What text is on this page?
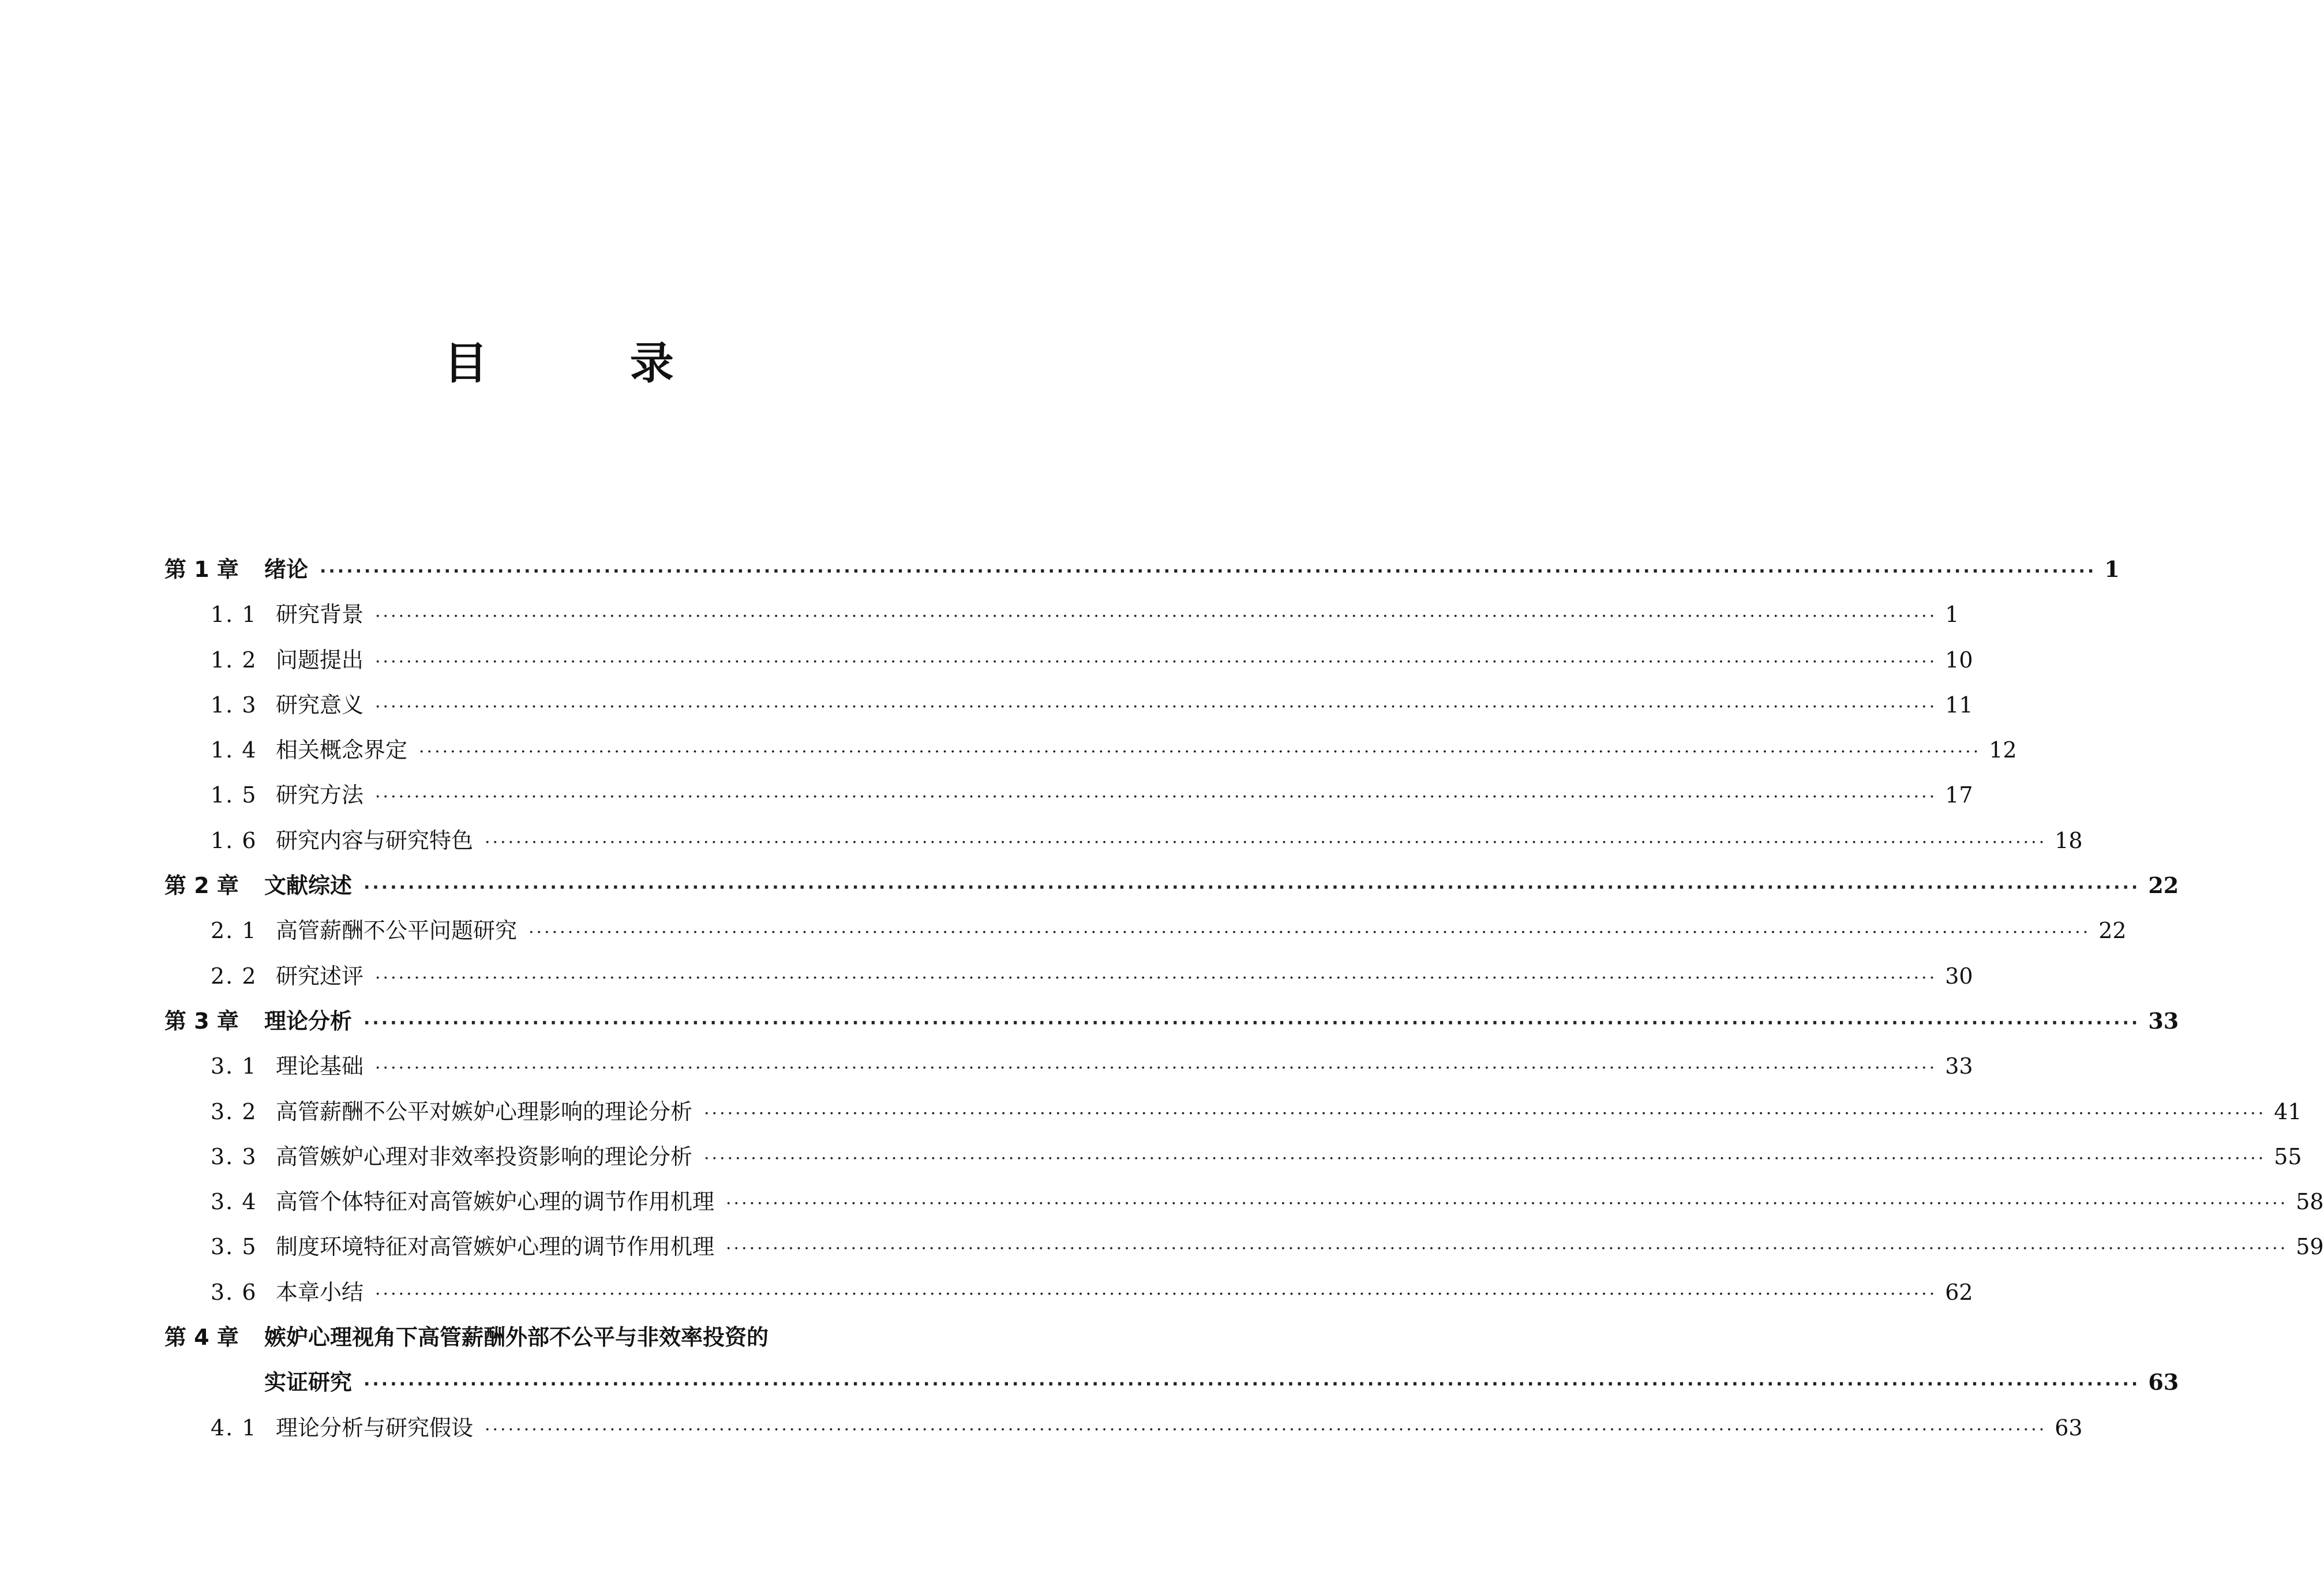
目 录
第 1 章	绪论 ········································································································································································································ 1
1. 1 研究背景 ········································································································································································································ 1
1. 2 问题提出 ········································································································································································································ 10
1. 3 研究意义 ········································································································································································································ 11
1. 4 相关概念界定 ········································································································································································································ 12
1. 5 研究方法 ········································································································································································································ 17
1. 6 研究内容与研究特色 ········································································································································································································ 18
第 2 章	文献综述 ········································································································································································································ 22
2. 1 高管薪酬不公平问题研究 ········································································································································································································ 22
2. 2 研究述评 ········································································································································································································ 30
第 3 章	理论分析 ········································································································································································································ 33
3. 1 理论基础 ········································································································································································································ 33
3. 2 高管薪酬不公平对嫉妒心理影响的理论分析 ········································································································································································································ 41
3. 3 高管嫉妒心理对非效率投资影响的理论分析 ········································································································································································································ 55
3. 4 高管个体特征对高管嫉妒心理的调节作用机理 ········································································································································································································ 58
3. 5 制度环境特征对高管嫉妒心理的调节作用机理 ········································································································································································································ 59
3. 6 本章小结 ········································································································································································································ 62
第 4 章	嫉妒心理视角下高管薪酬外部不公平与非效率投资的
实证研究 ········································································································································································································ 63
4. 1 理论分析与研究假设 ········································································································································································································ 63
